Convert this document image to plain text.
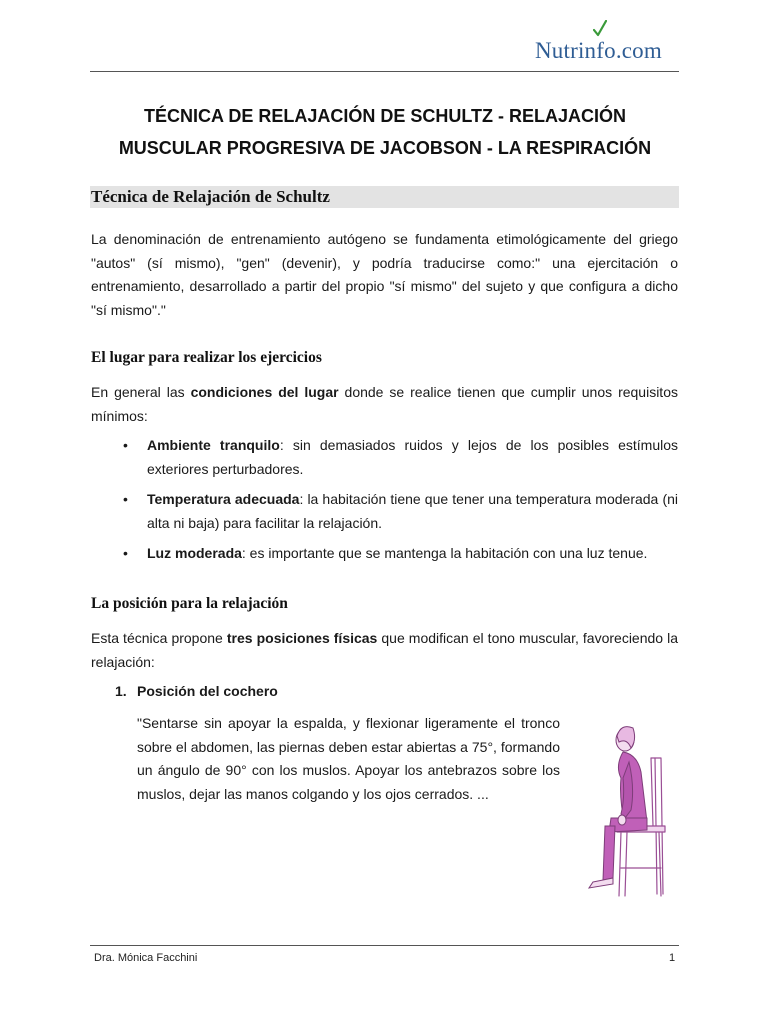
Nutrinfo.com
TÉCNICA DE RELAJACIÓN DE SCHULTZ - RELAJACIÓN
MUSCULAR PROGRESIVA DE JACOBSON - LA RESPIRACIÓN
Técnica de Relajación de Schultz
La denominación de entrenamiento autógeno se fundamenta etimológicamente del griego "autos" (sí mismo), "gen" (devenir), y podría traducirse como:" una ejercitación o entrenamiento, desarrollado a partir del propio "sí mismo" del sujeto y que configura a dicho "sí mismo"."
El lugar para realizar los ejercicios
En general las condiciones del lugar donde se realice tienen que cumplir unos requisitos mínimos:
•	Ambiente tranquilo: sin demasiados ruidos y lejos de los posibles estímulos exteriores perturbadores.
•	Temperatura adecuada: la habitación tiene que tener una temperatura moderada (ni alta ni baja) para facilitar la relajación.
•	Luz moderada: es importante que se mantenga la habitación con una luz tenue.
La posición para la relajación
Esta técnica propone tres posiciones físicas que modifican el tono muscular, favoreciendo la relajación:
1. Posición del cochero
"Sentarse sin apoyar la espalda, y flexionar ligeramente el tronco sobre el abdomen, las piernas deben estar abiertas a 75°, formando un ángulo de 90° con los muslos. Apoyar los antebrazos sobre los muslos, dejar las manos colgando y los ojos cerrados. ...
Dra. Mónica Facchini	1
